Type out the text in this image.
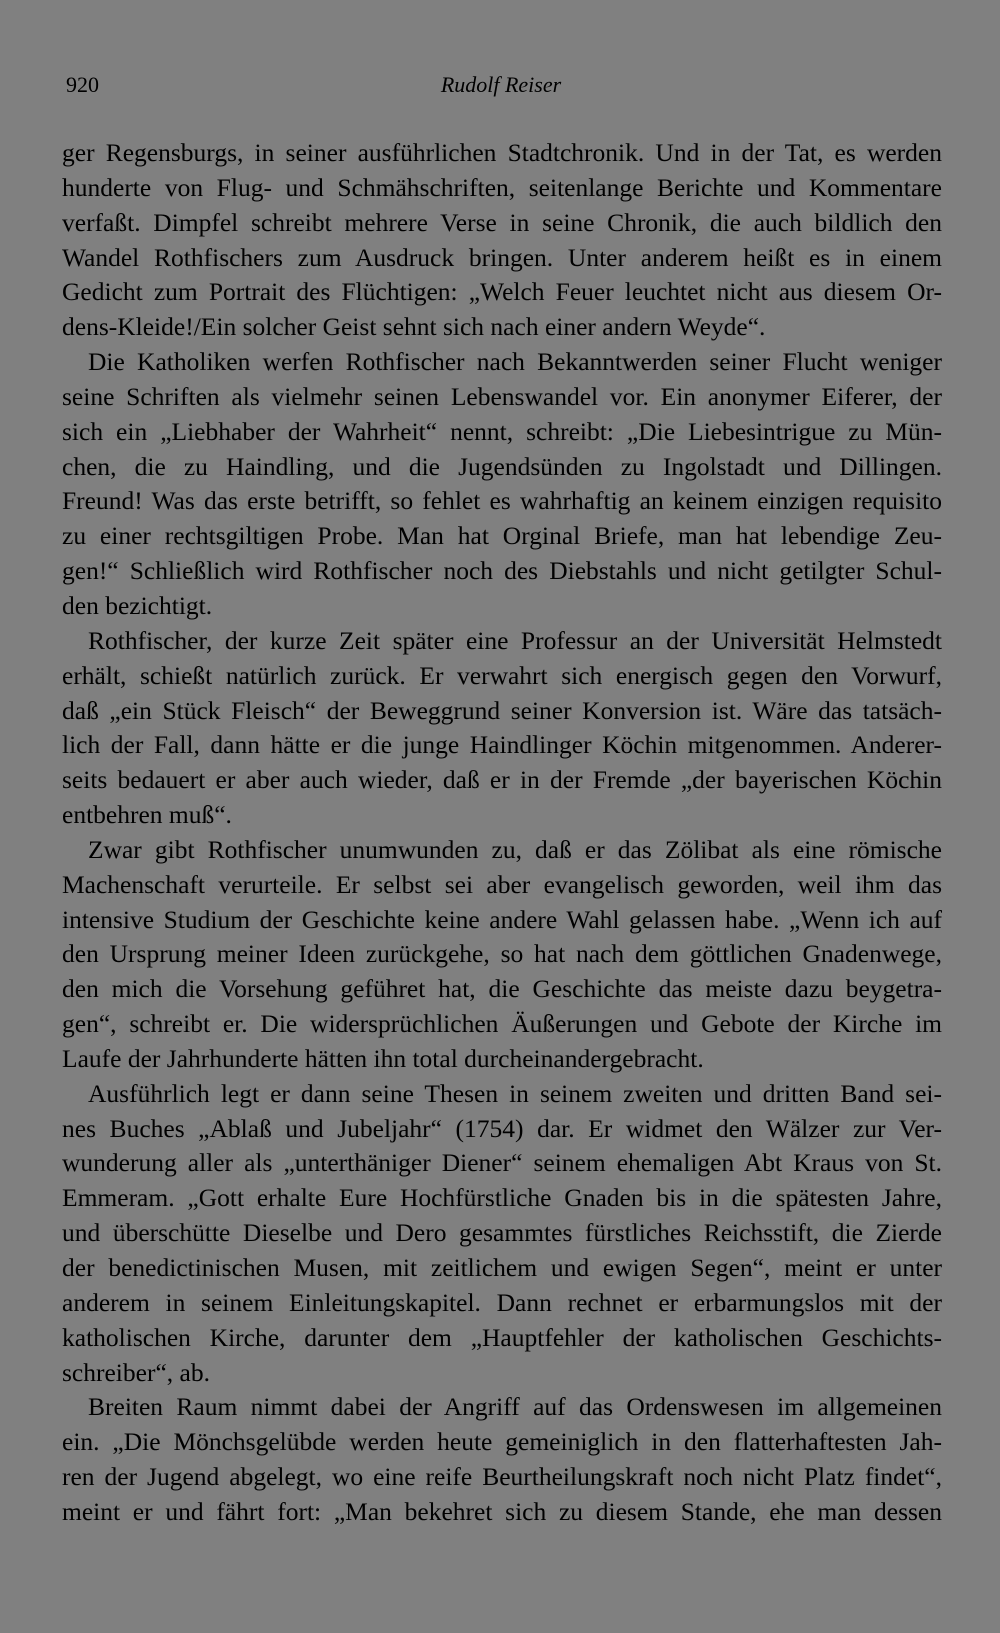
920	Rudolf Reiser
ger Regensburgs, in seiner ausführlichen Stadtchronik. Und in der Tat, es werden
hunderte von Flug- und Schmähschriften, seitenlange Berichte und Kommentare
verfaßt. Dimpfel schreibt mehrere Verse in seine Chronik, die auch bildlich den
Wandel Rothfischers zum Ausdruck bringen. Unter anderem heißt es in einem
Gedicht zum Portrait des Flüchtigen: „Welch Feuer leuchtet nicht aus diesem Or-
dens-Kleide!/Ein solcher Geist sehnt sich nach einer andern Weyde“.
Die Katholiken werfen Rothfischer nach Bekanntwerden seiner Flucht weniger
seine Schriften als vielmehr seinen Lebenswandel vor. Ein anonymer Eiferer, der
sich ein „Liebhaber der Wahrheit“ nennt, schreibt: „Die Liebesintrigue zu Mün-
chen, die zu Haindling, und die Jugendsünden zu Ingolstadt und Dillingen.
Freund! Was das erste betrifft, so fehlet es wahrhaftig an keinem einzigen requisito
zu einer rechtsgiltigen Probe. Man hat Orginal Briefe, man hat lebendige Zeu-
gen!“ Schließlich wird Rothfischer noch des Diebstahls und nicht getilgter Schul-
den bezichtigt.
Rothfischer, der kurze Zeit später eine Professur an der Universität Helmstedt
erhält, schießt natürlich zurück. Er verwahrt sich energisch gegen den Vorwurf,
daß „ein Stück Fleisch“ der Beweggrund seiner Konversion ist. Wäre das tatsäch-
lich der Fall, dann hätte er die junge Haindlinger Köchin mitgenommen. Anderer-
seits bedauert er aber auch wieder, daß er in der Fremde „der bayerischen Köchin
entbehren muß“.
Zwar gibt Rothfischer unumwunden zu, daß er das Zölibat als eine römische
Machenschaft verurteile. Er selbst sei aber evangelisch geworden, weil ihm das
intensive Studium der Geschichte keine andere Wahl gelassen habe. „Wenn ich auf
den Ursprung meiner Ideen zurückgehe, so hat nach dem göttlichen Gnadenwege,
den mich die Vorsehung geführet hat, die Geschichte das meiste dazu beygetra-
gen“, schreibt er. Die widersprüchlichen Äußerungen und Gebote der Kirche im
Laufe der Jahrhunderte hätten ihn total durcheinandergebracht.
Ausführlich legt er dann seine Thesen in seinem zweiten und dritten Band sei-
nes Buches „Ablaß und Jubeljahr“ (1754) dar. Er widmet den Wälzer zur Ver-
wunderung aller als „unterthäniger Diener“ seinem ehemaligen Abt Kraus von St.
Emmeram. „Gott erhalte Eure Hochfürstliche Gnaden bis in die spätesten Jahre,
und überschütte Dieselbe und Dero gesammtes fürstliches Reichsstift, die Zierde
der benedictinischen Musen, mit zeitlichem und ewigen Segen“, meint er unter
anderem in seinem Einleitungskapitel. Dann rechnet er erbarmungslos mit der
katholischen Kirche, darunter dem „Hauptfehler der katholischen Geschichts-
schreiber“, ab.
Breiten Raum nimmt dabei der Angriff auf das Ordenswesen im allgemeinen
ein. „Die Mönchsgelübde werden heute gemeiniglich in den flatterhaftesten Jah-
ren der Jugend abgelegt, wo eine reife Beurtheilungskraft noch nicht Platz findet“,
meint er und fährt fort: „Man bekehret sich zu diesem Stande, ehe man dessen
